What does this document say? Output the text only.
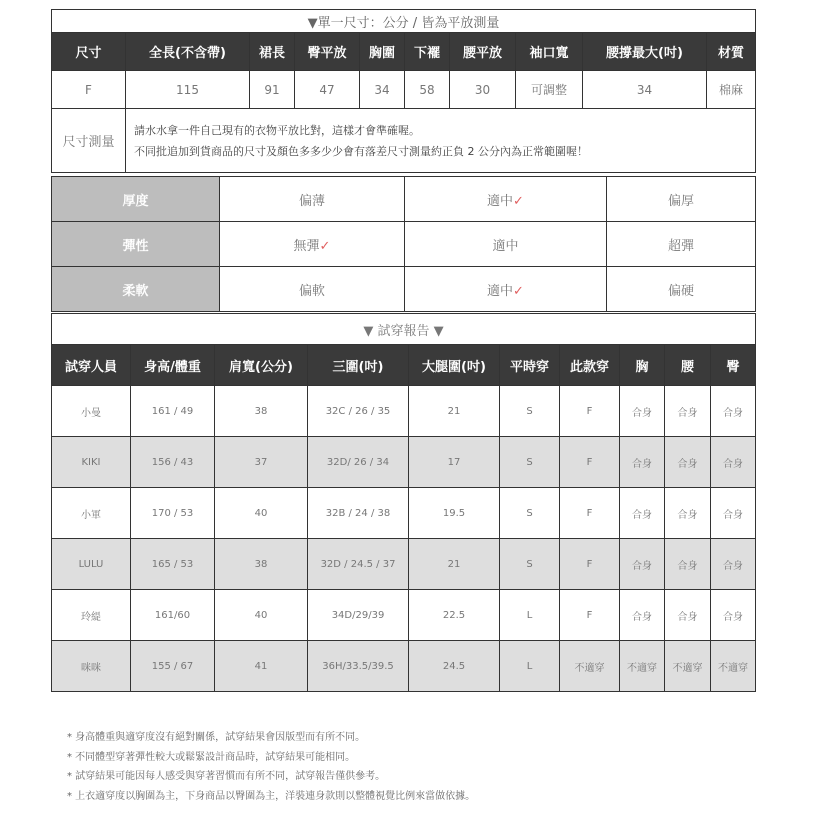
▼單一尺寸：公分 / 皆為平放測量									
尺寸	全長(不含帶)	裙長	臀平放	胸圍	下襬	腰平放	袖口寬	腰撐最大(吋)	材質
F	115	91	47	34	58	30	可調整	34	棉麻
尺寸測量	請水水拿一件自己現有的衣物平放比對，這樣才會準確喔。
不同批追加到貨商品的尺寸及顏色多多少少會有落差尺寸測量約正負 2 公分內為正常範圍喔！								
厚度	偏薄	適中✓	偏厚
彈性	無彈✓	適中	超彈
柔軟	偏軟	適中✓	偏硬
▼ 試穿報告 ▼									
試穿人員	身高/體重	肩寬(公分)	三圍(吋)	大腿圍(吋)	平時穿	此款穿	胸	腰	臀
小曼	161 / 49	38	32C / 26 / 35	21	S	F	合身	合身	合身
KIKI	156 / 43	37	32D/ 26 / 34	17	S	F	合身	合身	合身
小軍	170 / 53	40	32B / 24 / 38	19.5	S	F	合身	合身	合身
LULU	165 / 53	38	32D / 24.5 / 37	21	S	F	合身	合身	合身
玲緹	161/60	40	34D/29/39	22.5	L	F	合身	合身	合身
咪咪	155 / 67	41	36H/33.5/39.5	24.5	L	不適穿	不適穿	不適穿	不適穿
* 身高體重與適穿度沒有絕對關係，試穿結果會因版型而有所不同。
* 不同體型穿著彈性較大或鬆緊設計商品時，試穿結果可能相同。
* 試穿結果可能因每人感受與穿著習慣而有所不同，試穿報告僅供參考。
* 上衣適穿度以胸圍為主，下身商品以臀圍為主，洋裝連身款則以整體視覺比例來當做依據。
